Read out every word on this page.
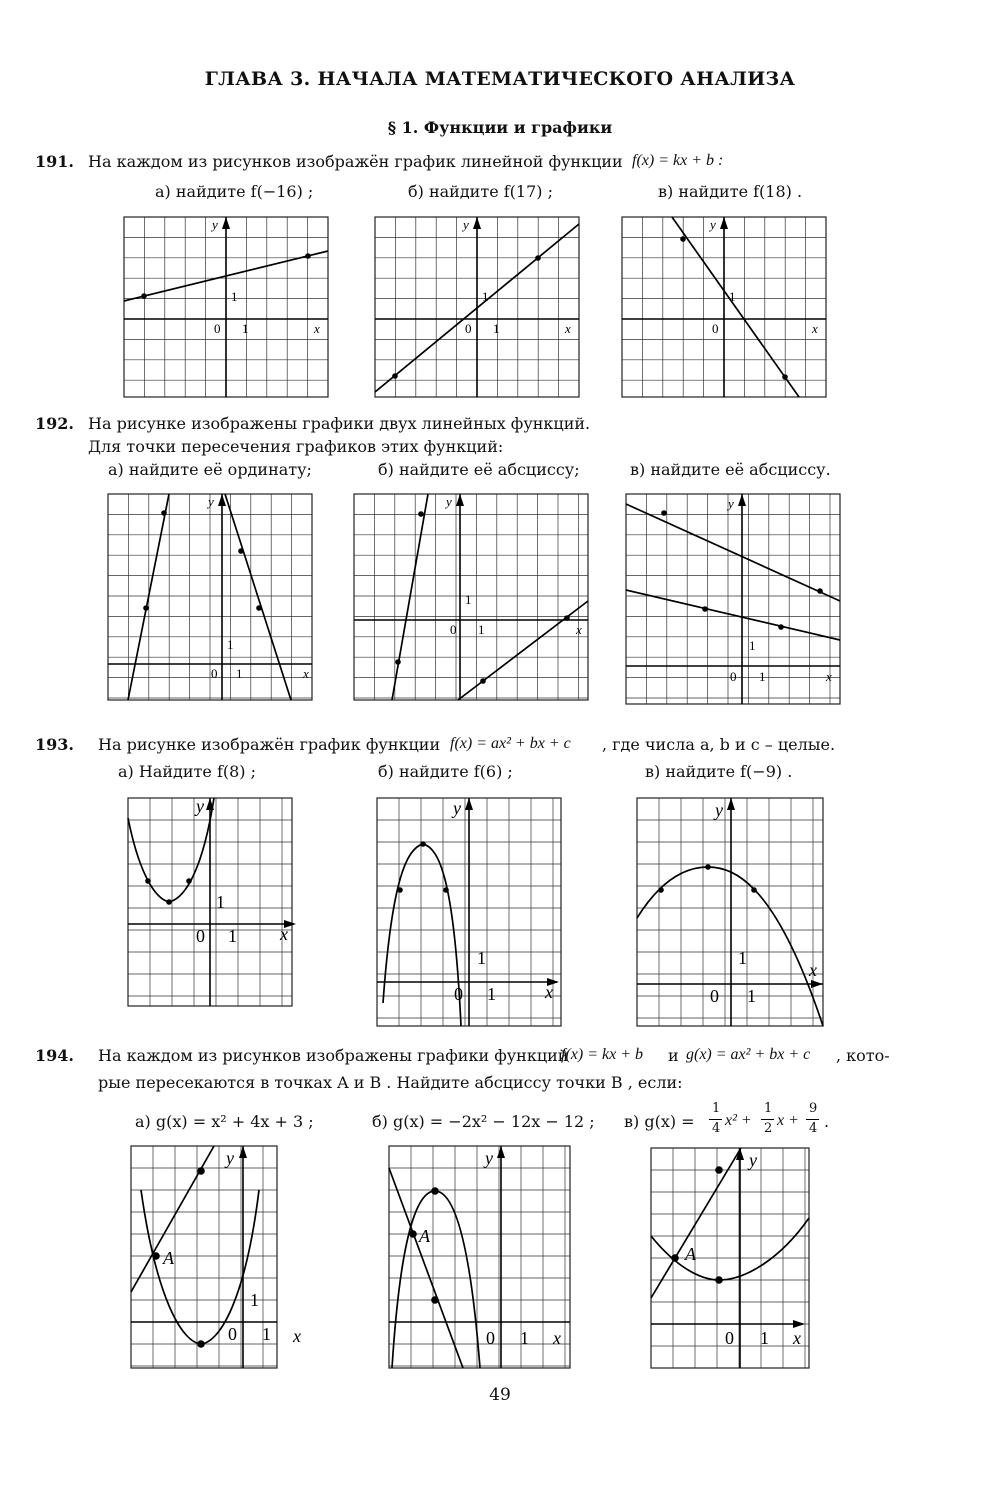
ГЛАВА 3. НАЧАЛА МАТЕМАТИЧЕСКОГО АНАЛИЗА
§ 1. Функции и графики
191. На каждом из рисунков изображён график линейной функции f(x) = kx + b :
а) найдите f(−16) ;	б) найдите f(17) ;	в) найдите f(18) .
y
x
0 1
1
y
x
0 1
1
y
x
0
1
192. На рисунке изображены графики двух линейных функций.
Для точки пересечения графиков этих функций:
а) найдите её ординату;	б) найдите её абсциссу;	в) найдите её абсциссу.
y
x
0 1
1
y
x
0 1
1
y
x
0 1
1
193. На рисунке изображён график функции f(x) = ax² + bx + c , где числа a, b и c – целые.
а) Найдите f(8) ;	б) найдите f(6) ;	в) найдите f(−9) .
y
x
0 1
1
y
x
0 1
1
y
x
0 1
1
194. На каждом из рисунков изображены графики функций
f(x) = kx + b и g(x) = ax² + bx + c , кото-
рые пересекаются в точках A и B . Найдите абсциссу точки B , если:
а) g(x) = x² + 4x + 3 ;	б) g(x) = −2x² − 12x − 12 ; в) g(x) =
1
4 x² +
1
2 x +
9
4 .
A
y
x
0 1
1
A
y
x
0 1
A
y
x
0 1
49
